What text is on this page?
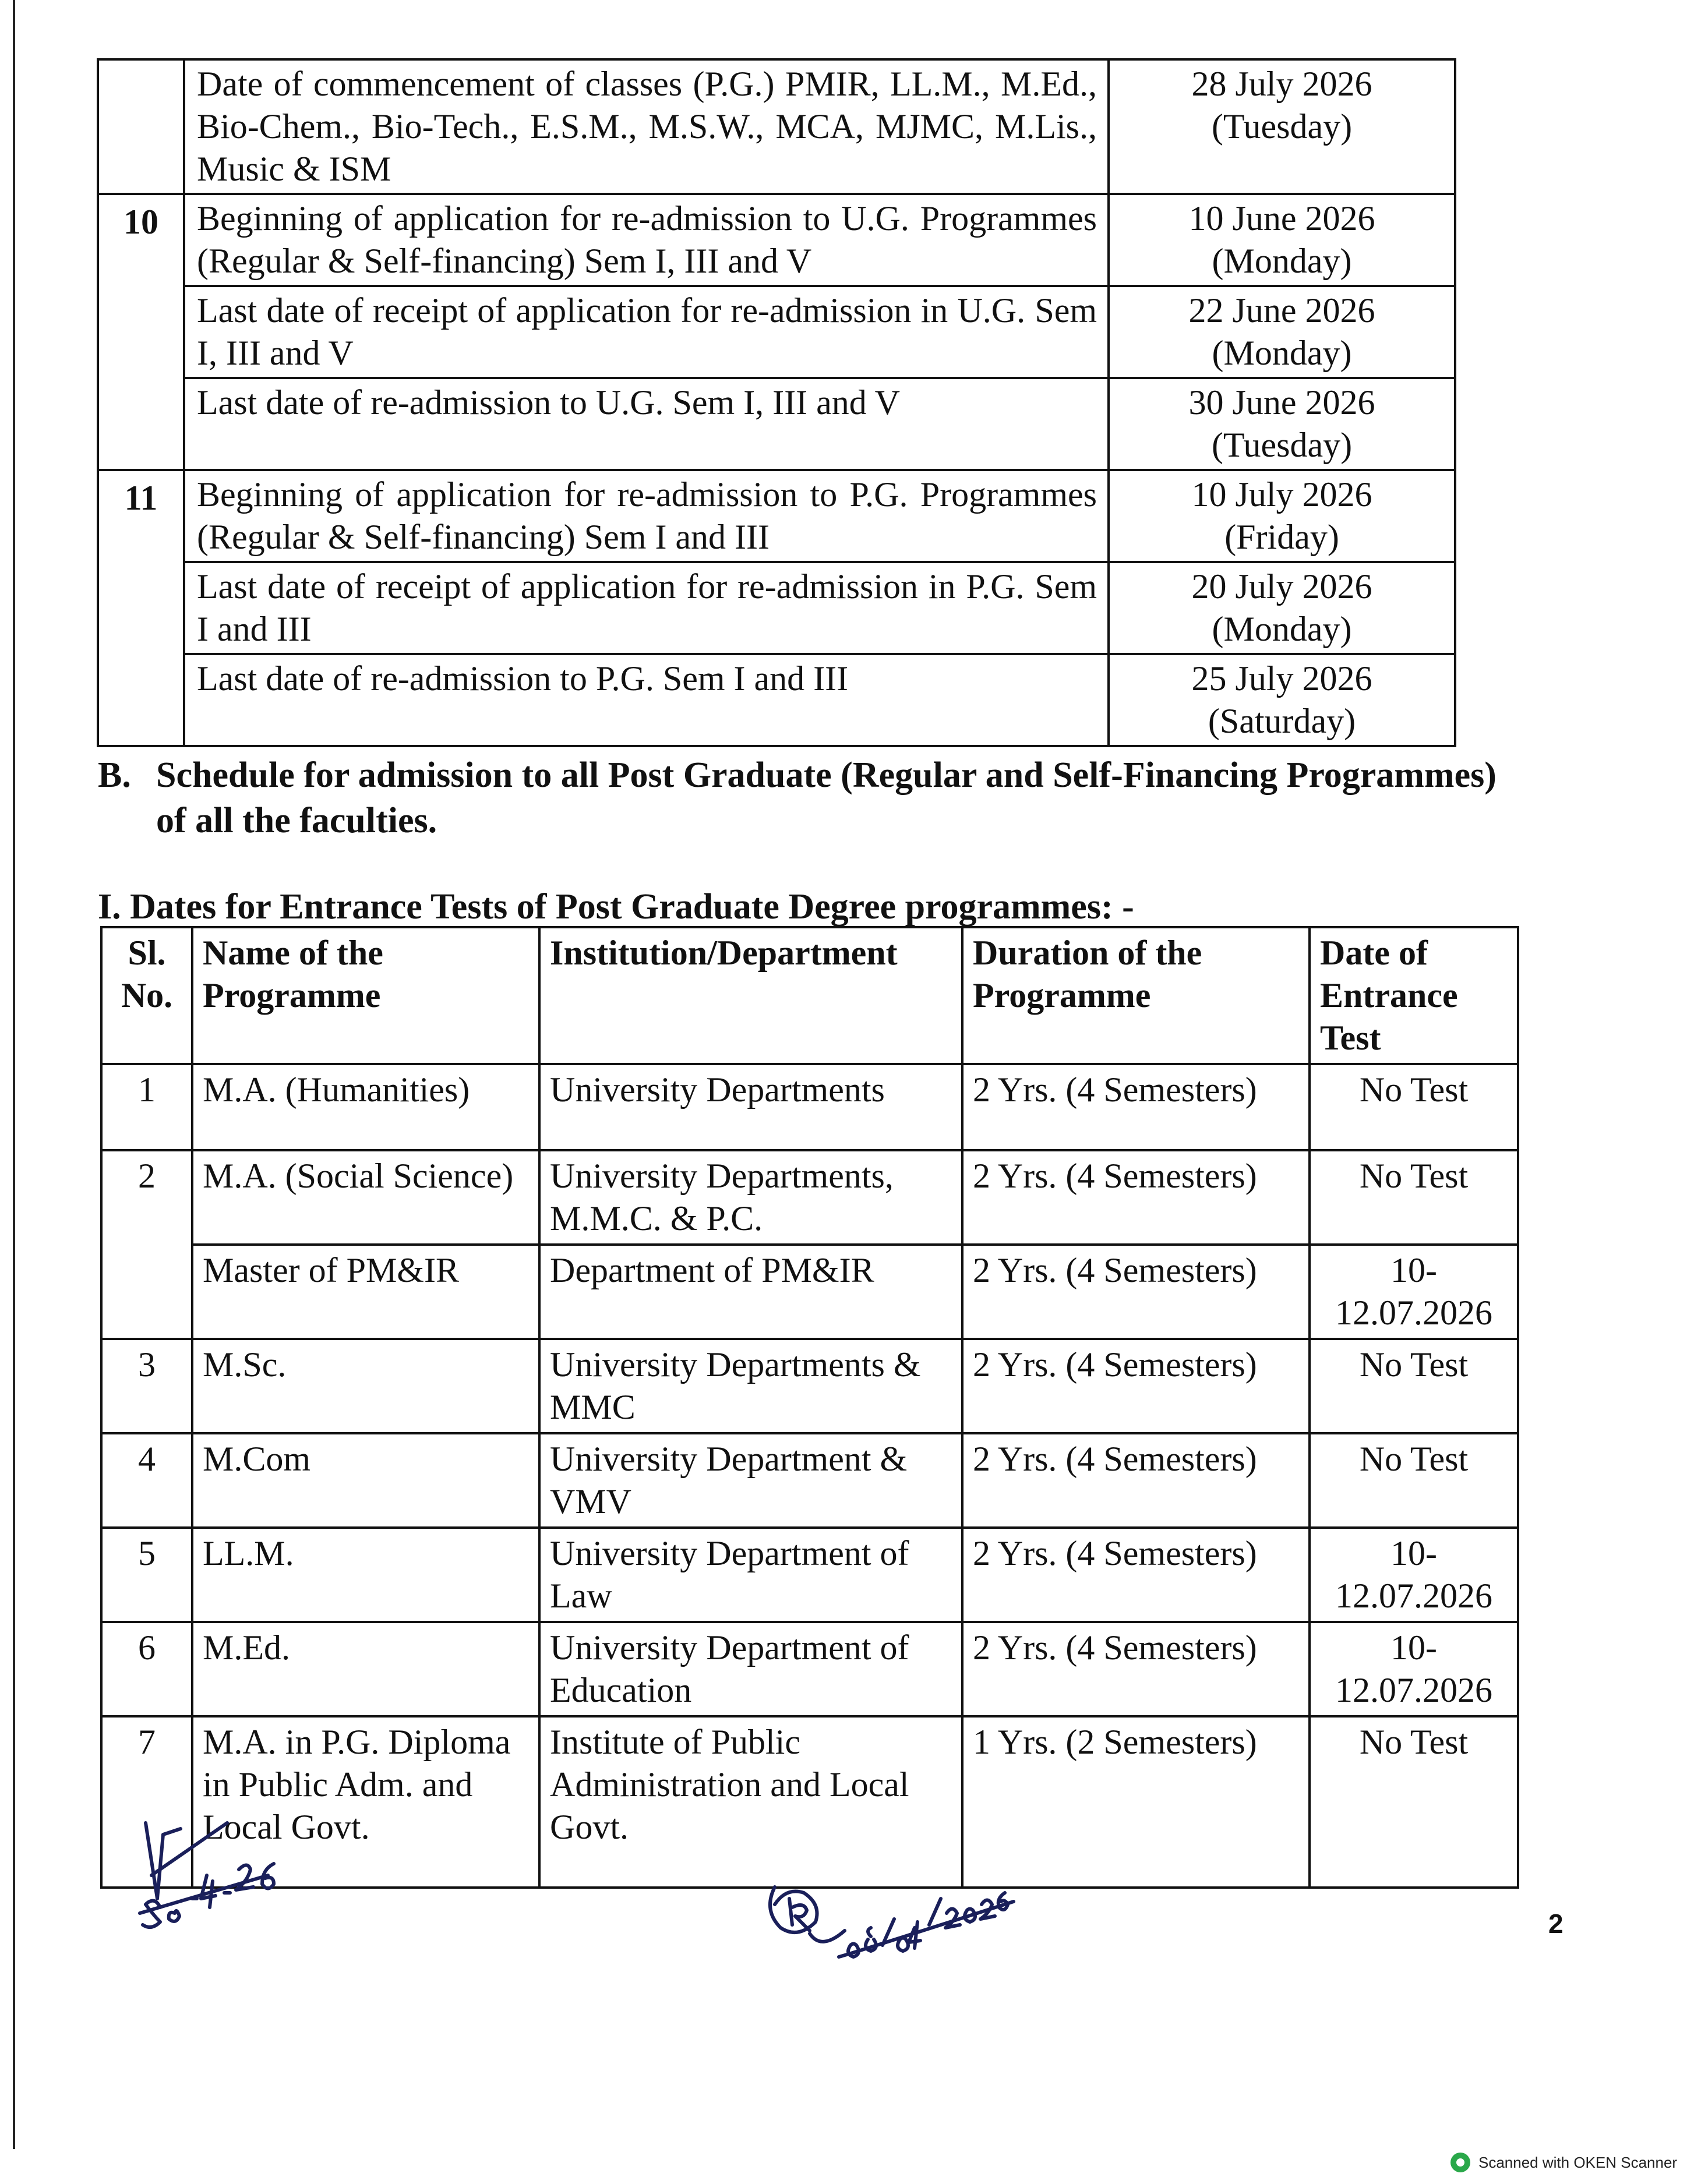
	Date of commencement of classes (P.G.) PMIR, LL.M., M.Ed., Bio-Chem., Bio-Tech., E.S.M., M.S.W., MCA, MJMC, M.Lis., Music & ISM	28 July 2026
(Tuesday)

10	Beginning of application for re-admission to U.G. Programmes (Regular & Self-financing) Sem I, III and V	10 June 2026
(Monday)

	Last date of receipt of application for re-admission in U.G. Sem I, III and V	22 June 2026
(Monday)

	Last date of re-admission to U.G. Sem I, III and V	30 June 2026
(Tuesday)

11	Beginning of application for re-admission to P.G. Programmes (Regular & Self-financing) Sem I and III	10 July 2026
(Friday)

	Last date of receipt of application for re-admission in P.G. Sem I and III	20 July 2026
(Monday)

	Last date of re-admission to P.G. Sem I and III	25 July 2026
(Saturday)
B. Schedule for admission to all Post Graduate (Regular and Self-Financing Programmes)
of all the faculties.
I. Dates for Entrance Tests of Post Graduate Degree programmes: -
Sl. No.	Name of the Programme	Institution/Department	Duration of the Programme	Date of Entrance Test
1	M.A. (Humanities)	University Departments	2 Yrs. (4 Semesters)	No Test
2	M.A. (Social Science)	University Departments, M.M.C. & P.C.	2 Yrs. (4 Semesters)	No Test
	Master of PM&IR	Department of PM&IR	2 Yrs. (4 Semesters)	10-12.07.2026
3	M.Sc.	University Departments & MMC	2 Yrs. (4 Semesters)	No Test
4	M.Com	University Department & VMV	2 Yrs. (4 Semesters)	No Test
5	LL.M.	University Department of Law	2 Yrs. (4 Semesters)	10-12.07.2026
6	M.Ed.	University Department of Education	2 Yrs. (4 Semesters)	10-12.07.2026
7	M.A. in P.G. Diploma in Public Adm. and Local Govt.	Institute of Public Administration and Local Govt.	1 Yrs. (2 Semesters)	No Test
2
Scanned with OKEN Scanner
